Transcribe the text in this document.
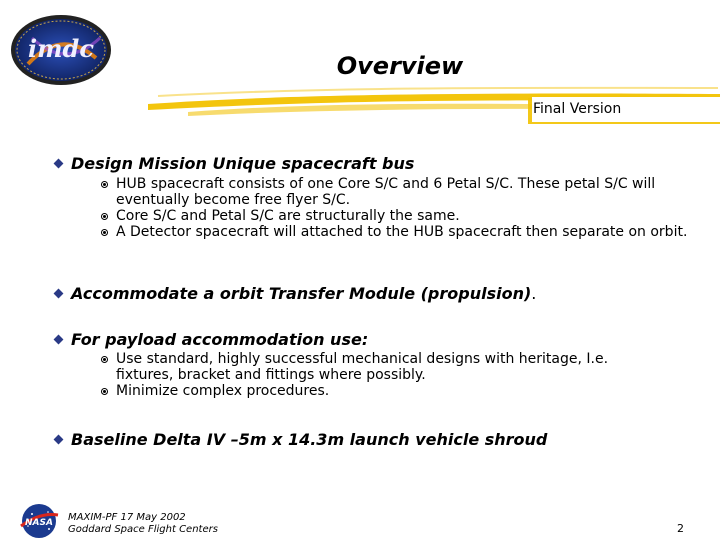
imdc
Overview
Final Version
Design Mission Unique spacecraft bus
HUB spacecraft consists of one Core S/C and 6 Petal S/C. These petal S/C will eventually become free flyer S/C.
Core S/C and Petal S/C are structurally the same.
A Detector spacecraft will attached to the HUB spacecraft then separate on orbit.
Accommodate a orbit Transfer Module (propulsion) .
For payload accommodation use:
Use standard, highly successful mechanical designs with heritage, I.e. fixtures, bracket and fittings where possibly.
Minimize complex procedures.
Baseline
Delta IV –5m x 14.3m launch vehicle shroud
NASA MAXIM-PF 17 May 2002
Goddard Space Flight Centers	2
